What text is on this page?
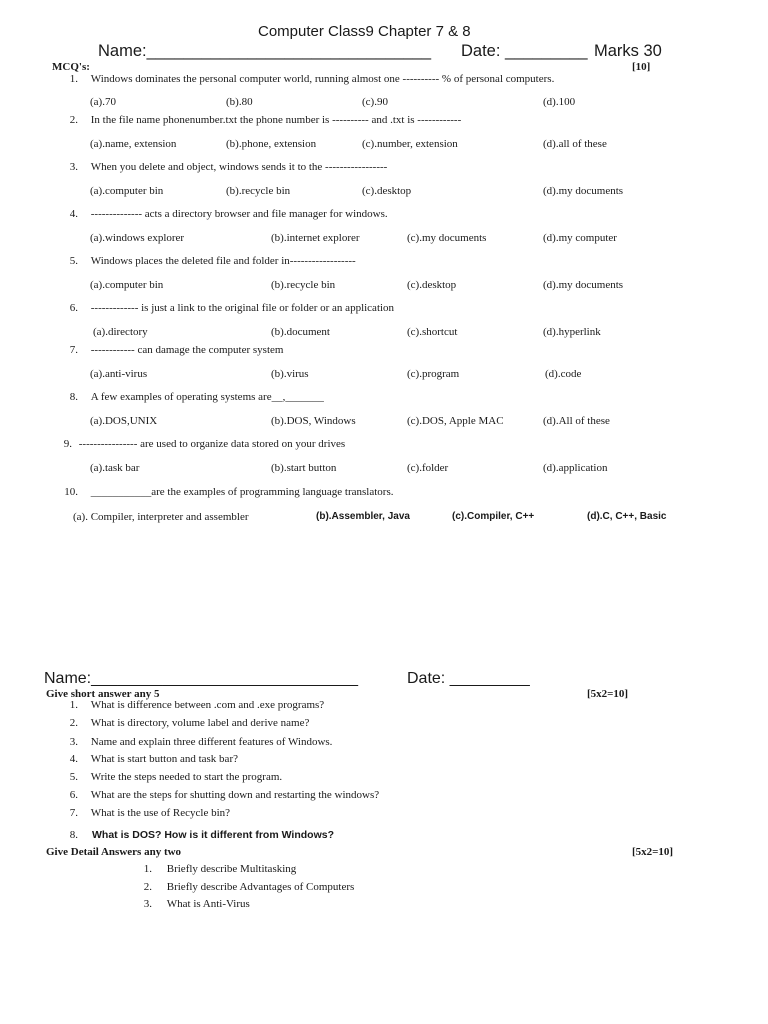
Computer Class9 Chapter 7 & 8
Name:_______________________________ Date: _________ Marks 30
MCQ's:	[10]
1. Windows dominates the personal computer world, running almost one ---------- % of personal computers.
(a).70	(b).80	(c).90	(d).100
2. In the file name phonenumber.txt the phone number is ---------- and .txt is ------------
(a).name, extension	(b).phone, extension	(c).number, extension	(d).all of these
3. When you delete and object, windows sends it to the -----------------
(a).computer bin	(b).recycle bin	(c).desktop	(d).my documents
4. -------------- acts a directory browser and file manager for windows.
(a).windows explorer	(b).internet explorer	(c).my documents	(d).my computer
5. Windows places the deleted file and folder in------------------
(a).computer bin	(b).recycle bin	(c).desktop	(d).my documents
6. ------------- is just a link to the original file or folder or an application
(a).directory	(b).document	(c).shortcut	(d).hyperlink
7. ------------ can damage the computer system
(a).anti-virus	(b).virus	(c).program	(d).code
8. A few examples of operating systems are__,_______
(a).DOS,UNIX	(b).DOS, Windows	(c).DOS, Apple MAC	(d).All of these
9. ---------------- are used to organize data stored on your drives
(a).task bar	(b).start button	(c).folder	(d).application
10. ___________are the examples of programming language translators.
(a). Compiler, interpreter and assembler	(b).Assembler, Java	(c).Compiler, C++	(d).C, C++, Basic
Name:______________________________	Date: _________
Give short answer any 5	[5x2=10]
1. What is difference between .com and .exe programs?
2. What is directory, volume label and derive name?
3. Name and explain three different features of Windows.
4. What is start button and task bar?
5. Write the steps needed to start the program.
6. What are the steps for shutting down and restarting the windows?
7. What is the use of Recycle bin?
8. What is DOS? How is it different from Windows?
Give Detail Answers any two	[5x2=10]
1. Briefly describe Multitasking
2. Briefly describe Advantages of Computers
3. What is Anti-Virus
